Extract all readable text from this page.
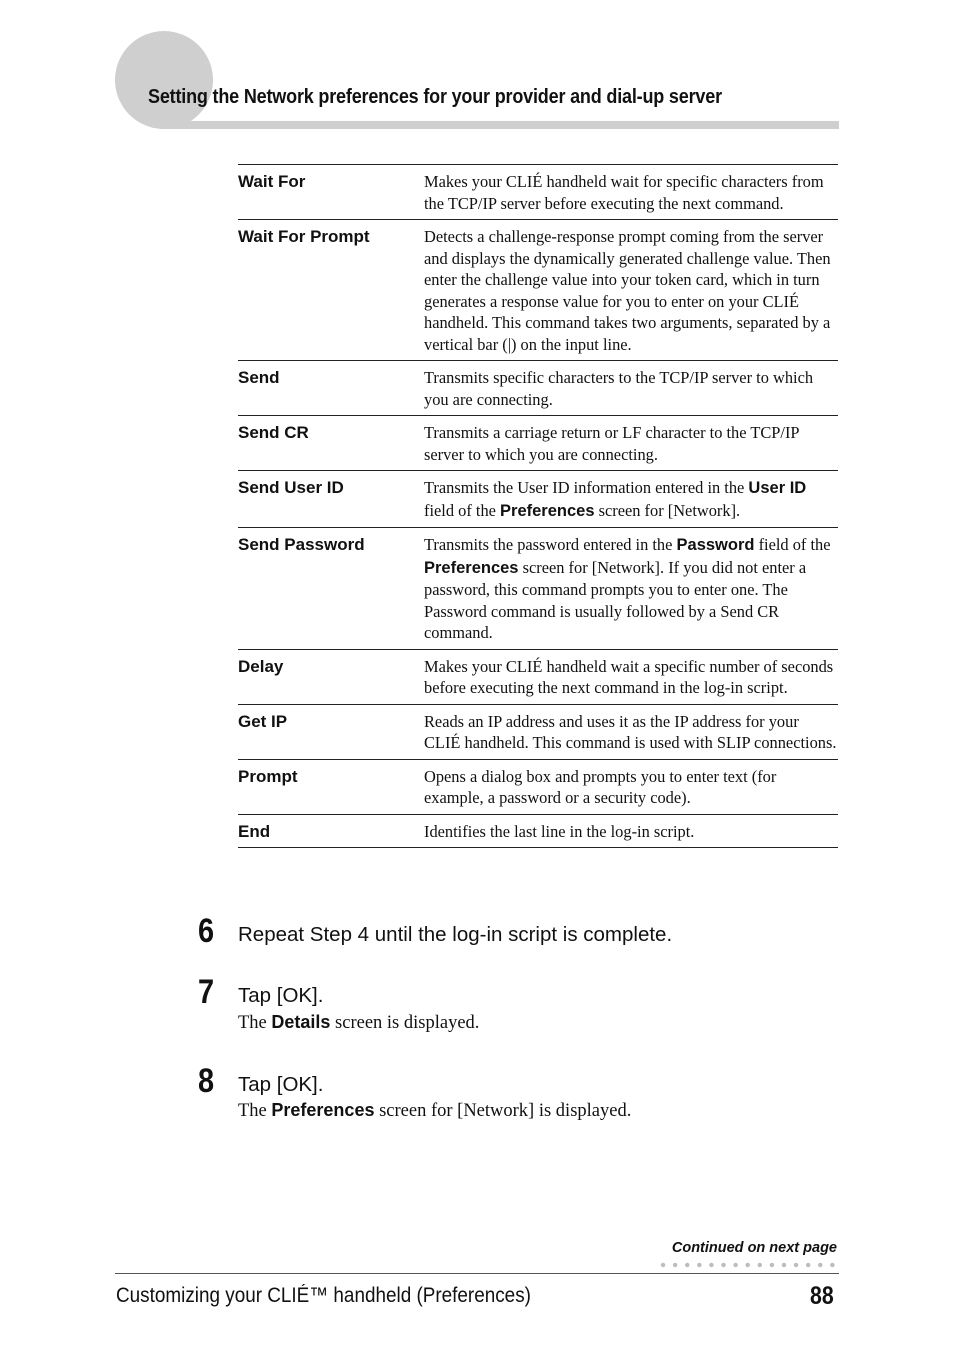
Setting the Network preferences for your provider and dial-up server
Wait For	Makes your CLIÉ handheld wait for specific characters from the TCP/IP server before executing the next command.
Wait For Prompt	Detects a challenge-response prompt coming from the server and displays the dynamically generated challenge value. Then enter the challenge value into your token card, which in turn generates a response value for you to enter on your CLIÉ handheld. This command takes two arguments, separated by a vertical bar (|) on the input line.
Send	Transmits specific characters to the TCP/IP server to which you are connecting.
Send CR	Transmits a carriage return or LF character to the TCP/IP server to which you are connecting.
Send User ID	Transmits the User ID information entered in the User ID field of the Preferences screen for [Network].
Send Password	Transmits the password entered in the Password field of the Preferences screen for [Network]. If you did not enter a password, this command prompts you to enter one. The Password command is usually followed by a Send CR command.
Delay	Makes your CLIÉ handheld wait a specific number of seconds before executing the next command in the log-in script.
Get IP	Reads an IP address and uses it as the IP address for your CLIÉ handheld. This command is used with SLIP connections.
Prompt	Opens a dialog box and prompts you to enter text (for example, a password or a security code).
End	Identifies the last line in the log-in script.
6 Repeat Step 4 until the log-in script is complete.
7 Tap [OK].
The Details screen is displayed.
8 Tap [OK].
The Preferences screen for [Network] is displayed.
Continued on next page
Customizing your CLIÉ™ handheld (Preferences)	88
